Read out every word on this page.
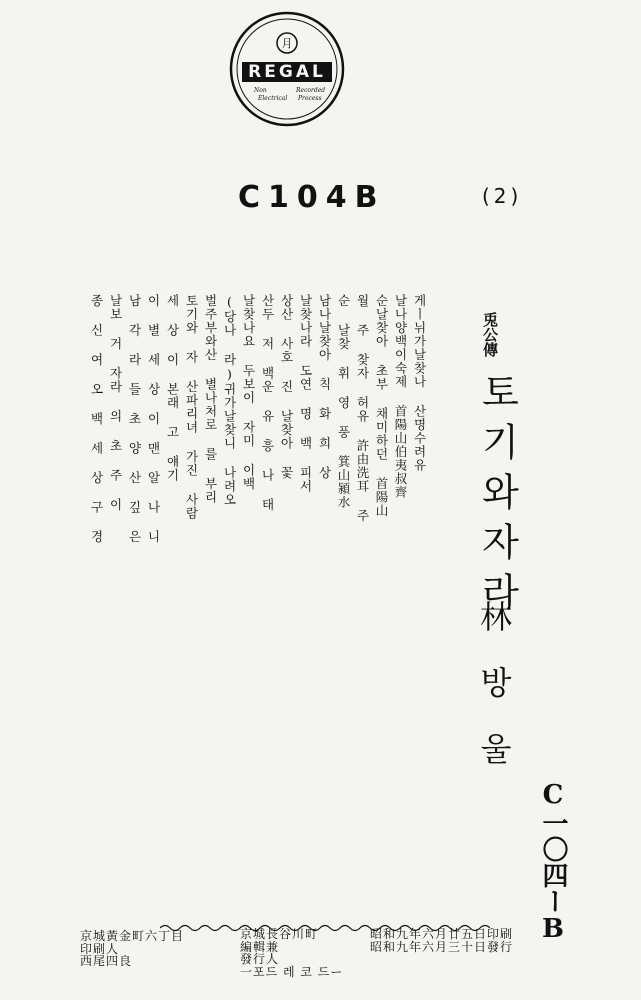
月
REGAL
Non
Electrical
Recorded
Process
C104B	(2)
兎公傳
토기와자라
林방울
C一〇四ーB

게ㅣ뉘가날찾나 산명수려유
날나양백이숙제 首陽山伯夷叔齊
순날찾아 초부 채미하던 首陽山
월 주 찾자 허유 許由洗耳 주
순 날찾 휘 영 풍 箕山潁水
남나날찾아 칙 화 희 상
날찾나라 도연 명 백 피서
상산 사호 진 날찾아 꽃
산두 저 백운 유 흥 나 태
날찾나요 두보이 자미 이백
(당나 라)귀가날찾니 나려오
벌주부와산 별나처로 를 부리
토기와 자 산파리녀 가진 사람
세 상 이 본래 고 얘기
이 별 세 상 이 맨 알 나 니
남 각 라 들 초 양 산 깊 은
날보 거 자라 의 초 주 이
종 신 여 오 백 세 상 구 경

昭和九年六月廿五日印刷
昭和九年六月三十日發行
京城長谷川町
編輯兼
發行人
一포드 레 코 드ー
京城黃金町六丁目
印刷人
西尾四良
